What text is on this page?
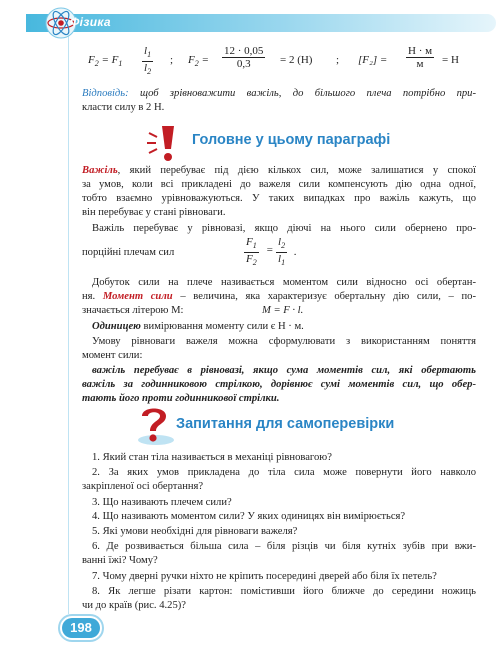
Фізика
$F_2 = F_1 \frac{l_1}{l_2}$ ; $F_2 = \frac{12 \cdot 0,05}{0,3} = 2$ (Н) ; [F₂] =
Н · м
м	= Н
Відповідь: щоб зрівноважити важіль, до більшого плеча потрібно при-
класти силу в 2 Н.
Головне у цьому параграфі
Важіль, який перебуває під дією кількох сил, може залишатися у спокої
за умов, коли всі прикладені до важеля сили компенсують дію одна одної,
тобто взаємно урівноважуються. У таких випадках про важіль кажуть, що
він перебуває у стані рівноваги.
Важіль перебуває у рівновазі, якщо діючі на нього сили обернено про-
порційні плечам сил	$\frac{F_1}{F_2} = \frac{l_2}{l_1}$ .
Добуток сили на плече називається моментом сили відносно осі обертан-
ня. Момент сили – величина, яка характеризує обертальну дію сили, – по-
значається літерою М:	M = F · l.
Одиницею вимірювання моменту сили є Н · м.
Умову рівноваги важеля можна сформулювати з використанням поняття
момент сили:
важіль перебуває в рівновазі, якщо сума моментів сил, які обертають
важіль за годинниковою стрілкою, дорівнює сумі моментів сил, що обер-
тають його проти годинникової стрілки.
Запитання для самоперевірки
1. Який стан тіла називається в механіці рівновагою?
2. За яких умов прикладена до тіла сила може повернути його навколо
закріпленої осі обертання?
3. Що називають плечем сили?
4. Що називають моментом сили? У яких одиницях він вимірюється?
5. Які умови необхідні для рівноваги важеля?
6. Де розвивається більша сила – біля різців чи біля кутніх зубів при вжи-
ванні їжі? Чому?
7. Чому дверні ручки ніхто не кріпить посередині дверей або біля їх петель?
8. Як легше різати картон: помістивши його ближче до середини ножиць
чи до країв (рис. 4.25)?
198
